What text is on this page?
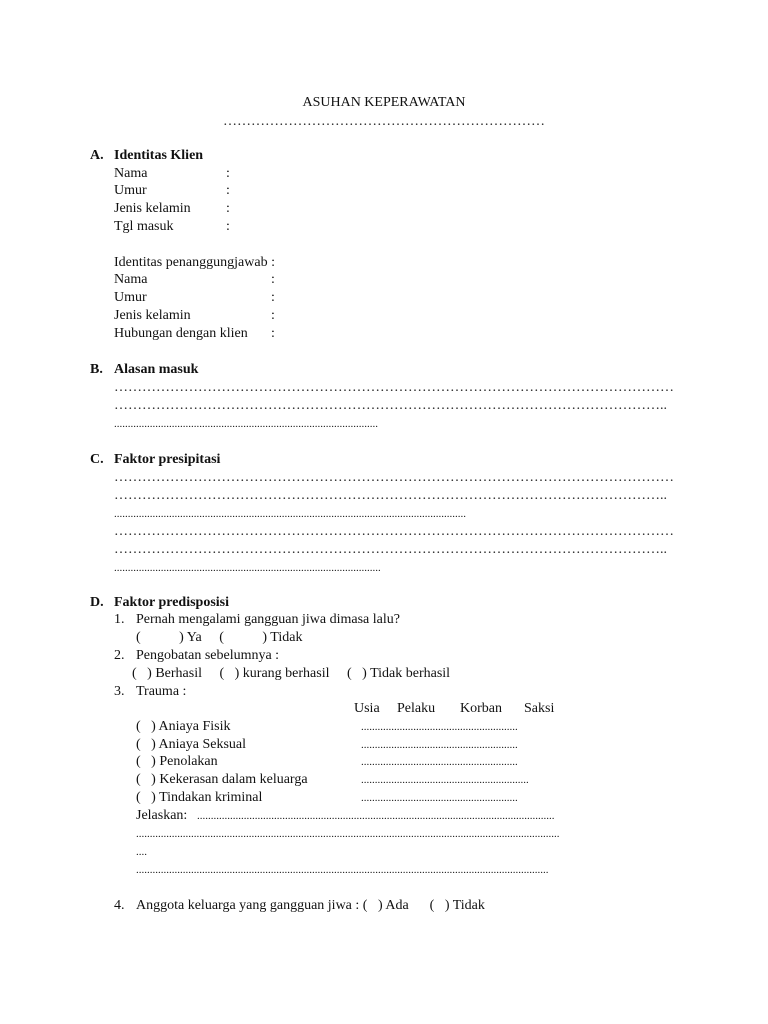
ASUHAN KEPERAWATAN
……………………………………………………………
A. Identitas Klien
Nama	:
Umur	:
Jenis kelamin	:
Tgl masuk	:
Identitas penanggungjawab :
Nama	:
Umur	:
Jenis kelamin	:
Hubungan dengan klien :
B. Alasan masuk
…………………………………………………………………………………………………………
………………………………………………………………………………………………………..
................................................................................................
C. Faktor presipitasi
…………………………………………………………………………………………………………
………………………………………………………………………………………………………..
................................................................................................................................
…………………………………………………………………………………………………………
………………………………………………………………………………………………………..
.................................................................................................
D. Faktor predisposisi
1. Pernah mengalami gangguan jiwa dimasa lalu?
(           ) Ya     (           ) Tidak
2. Pengobatan sebelumnya :
(   ) Berhasil     (   ) kurang berhasil     (   ) Tidak berhasil
3. Trauma :
Usia Pelaku Korban Saksi
(   ) Aniaya Fisik	.........................................................
(   ) Aniaya Seksual	.........................................................
(   ) Penolakan	.........................................................
(   ) Kekerasan dalam keluarga	.............................................................
(   ) Tindakan kriminal	.........................................................
Jelaskan: ..................................................................................................................................
..........................................................................................................................................................
....
......................................................................................................................................................
4. Anggota keluarga yang gangguan jiwa : (   ) Ada      (   ) Tidak
